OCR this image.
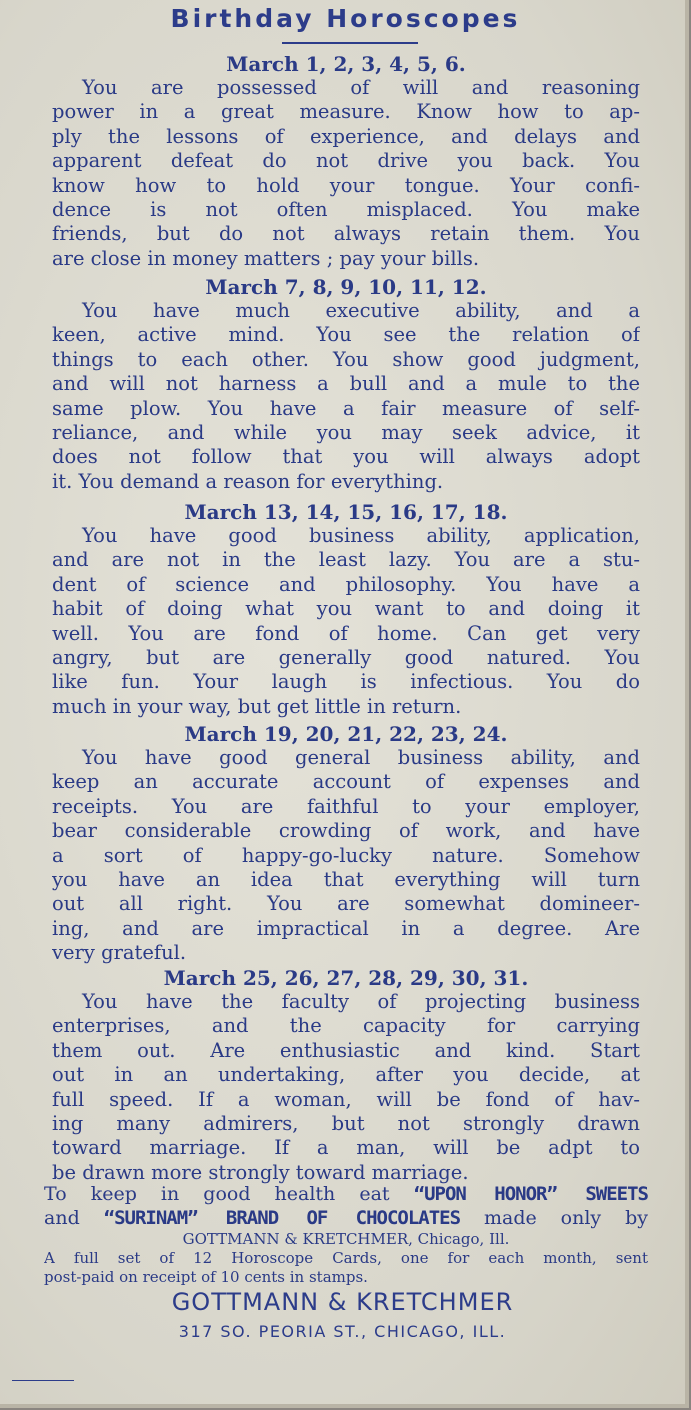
Birthday Horoscopes
March 1, 2, 3, 4, 5, 6.
You are possessed of will and reasoning
power in a great measure. Know how to ap-
ply the lessons of experience, and delays and
apparent defeat do not drive you back. You
know how to hold your tongue. Your confi-
dence is not often misplaced. You make
friends, but do not always retain them. You
are close in money matters ; pay your bills.
March 7, 8, 9, 10, 11, 12.
You have much executive ability, and a
keen, active mind. You see the relation of
things to each other. You show good judgment,
and will not harness a bull and a mule to the
same plow. You have a fair measure of self-
reliance, and while you may seek advice, it
does not follow that you will always adopt
it. You demand a reason for everything.
March 13, 14, 15, 16, 17, 18.
You have good business ability, application,
and are not in the least lazy. You are a stu-
dent of science and philosophy. You have a
habit of doing what you want to and doing it
well. You are fond of home. Can get very
angry, but are generally good natured. You
like fun. Your laugh is infectious. You do
much in your way, but get little in return.
March 19, 20, 21, 22, 23, 24.
You have good general business ability, and
keep an accurate account of expenses and
receipts. You are faithful to your employer,
bear considerable crowding of work, and have
a sort of happy-go-lucky nature. Somehow
you have an idea that everything will turn
out all right. You are somewhat domineer-
ing, and are impractical in a degree. Are
very grateful.
March 25, 26, 27, 28, 29, 30, 31.
You have the faculty of projecting business
enterprises, and the capacity for carrying
them out. Are enthusiastic and kind. Start
out in an undertaking, after you decide, at
full speed. If a woman, will be fond of hav-
ing many admirers, but not strongly drawn
toward marriage. If a man, will be adpt to
be drawn more strongly toward marriage.
To keep in good health eat “UPON HONOR” SWEETS
and “SURINAM” BRAND OF CHOCOLATES made only by
GOTTMANN & KRETCHMER, Chicago, Ill.
A full set of 12 Horoscope Cards, one for each month, sent
post-paid on receipt of 10 cents in stamps.
GOTTMANN & KRETCHMER
317 SO. PEORIA ST., CHICAGO, ILL.
